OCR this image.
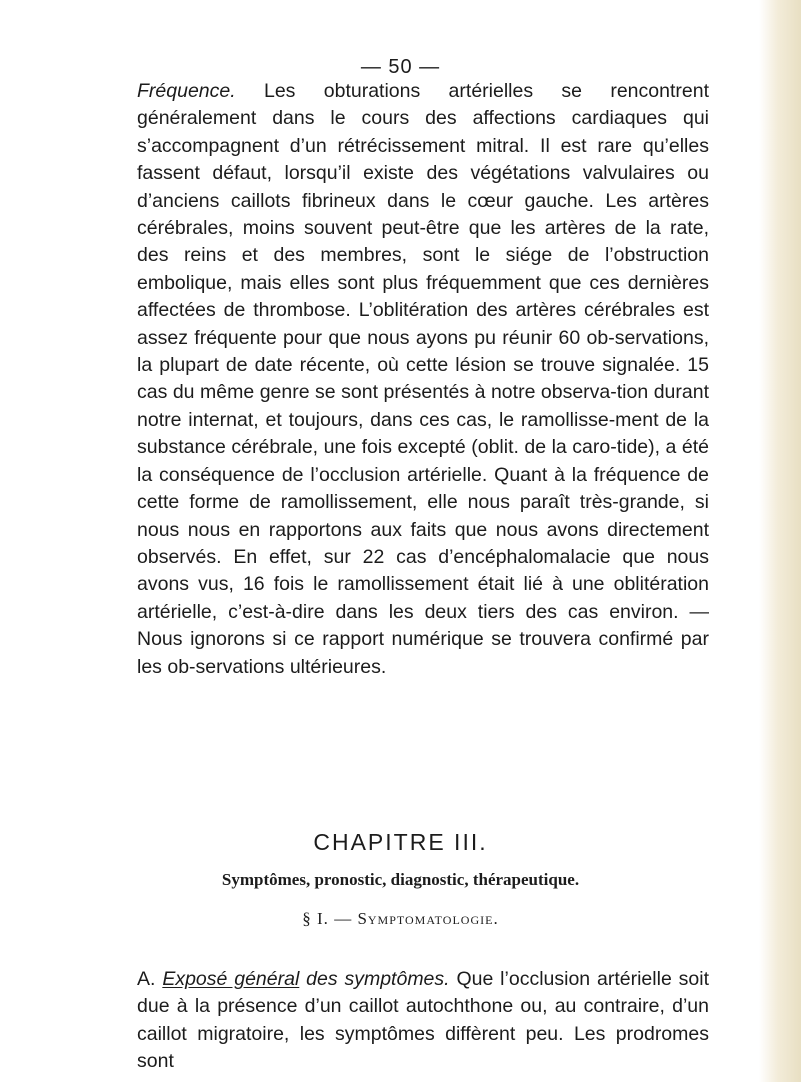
— 50 —

Fréquence. Les obturations artérielles se rencontrent généralement dans le cours des affections cardiaques qui s’accompagnent d’un rétrécissement mitral. Il est rare qu’elles fassent défaut, lorsqu’il existe des végétations valvulaires ou d’anciens caillots fibrineux dans le cœur gauche. Les artères cérébrales, moins souvent peut-être que les artères de la rate, des reins et des membres, sont le siége de l’obstruction embolique, mais elles sont plus fréquemment que ces dernières affectées de thrombose. L’oblitération des artères cérébrales est assez fréquente pour que nous ayons pu réunir 60 ob-servations, la plupart de date récente, où cette lésion se trouve signalée. 15 cas du même genre se sont présentés à notre observa-tion durant notre internat, et toujours, dans ces cas, le ramollisse-ment de la substance cérébrale, une fois excepté (oblit. de la caro-tide), a été la conséquence de l’occlusion artérielle. Quant à la fréquence de cette forme de ramollissement, elle nous paraît très-grande, si nous nous en rapportons aux faits que nous avons directement observés. En effet, sur 22 cas d’encéphalomalacie que nous avons vus, 16 fois le ramollissement était lié à une oblitération artérielle, c’est-à-dire dans les deux tiers des cas environ. — Nous ignorons si ce rapport numérique se trouvera confirmé par les ob-servations ultérieures.

CHAPITRE III.
Symptômes, pronostic, diagnostic, thérapeutique.
§ I. — Symptomatologie.

A. Exposé général des symptômes. Que l’occlusion artérielle soit due à la présence d’un caillot autochthone ou, au contraire, d’un caillot migratoire, les symptômes diffèrent peu. Les prodromes sont
